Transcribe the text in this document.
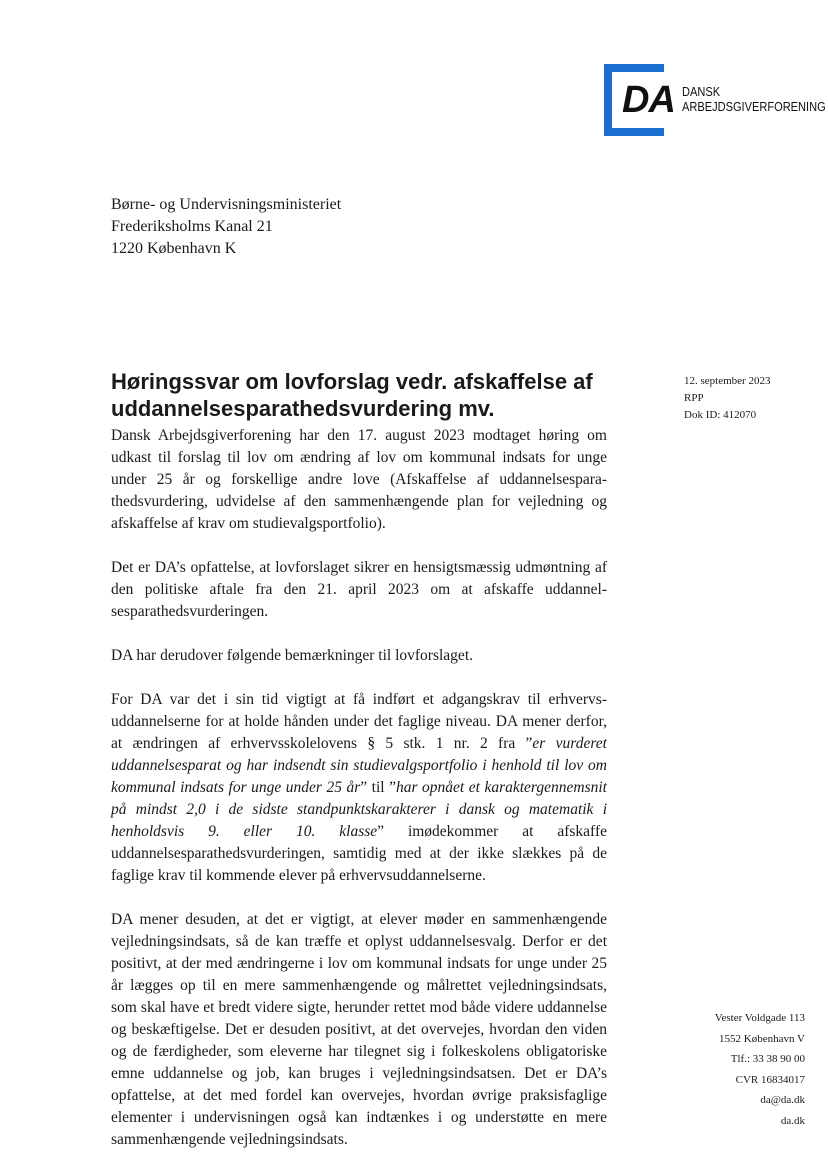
DA DANSK
ARBEJDSGIVERFORENING
Børne- og Undervisningsministeriet
Frederiksholms Kanal 21
1220 København K
Høringssvar om lovforslag vedr. afskaffelse af uddannelsesparathedsvurdering mv.
12. september 2023
RPP
Dok ID: 412070

Dansk Arbejdsgiverforening har den 17. august 2023 modtaget høring om udkast til forslag til lov om ændring af lov om kommunal indsats for unge under 25 år og forskellige andre love (Afskaffelse af uddannelsesparathedsvurdering, udvidelse af den sammenhængende plan for vejledning og afskaffelse af krav om studievalgsportfolio).

Det er DA’s opfattelse, at lovforslaget sikrer en hensigtsmæssig udmøntning af den politiske aftale fra den 21. april 2023 om at afskaffe uddannelsesparathedsvurderingen.

DA har derudover følgende bemærkninger til lovforslaget.

For DA var det i sin tid vigtigt at få indført et adgangskrav til erhvervsuddannelserne for at holde hånden under det faglige niveau. DA mener derfor, at ændringen af erhvervsskolelovens § 5 stk. 1 nr. 2 fra ”er vurderet uddannelsesparat og har indsendt sin studievalgsportfolio i henhold til lov om kommunal indsats for unge under 25 år” til ”har opnået et karaktergennemsnit på mindst 2,0 i de sidste standpunktskarakterer i dansk og matematik i henholdsvis 9. eller 10. klasse” imødekommer at afskaffe uddannelsesparathedsvurderingen, samtidig med at der ikke slækkes på de faglige krav til kommende elever på erhvervsuddannelserne.

DA mener desuden, at det er vigtigt, at elever møder en sammenhængende vejledningsindsats, så de kan træffe et oplyst uddannelsesvalg. Derfor er det positivt, at der med ændringerne i lov om kommunal indsats for unge under 25 år lægges op til en mere sammenhængende og målrettet vejledningsindsats, som skal have et bredt videre sigte, herunder rettet mod både videre uddannelse og beskæftigelse. Det er desuden positivt, at det overvejes, hvordan den viden og de færdigheder, som eleverne har tilegnet sig i folkeskolens obligatoriske emne uddannelse og job, kan bruges i vejledningsindsatsen. Det er DA’s opfattelse, at det med fordel kan overvejes, hvordan øvrige praksisfaglige elementer i undervisningen også kan indtænkes i og understøtte en mere sammenhængende vejledningsindsats.

Vester Voldgade 113
1552 København V
Tlf.: 33 38 90 00
CVR 16834017
da@da.dk
da.dk
